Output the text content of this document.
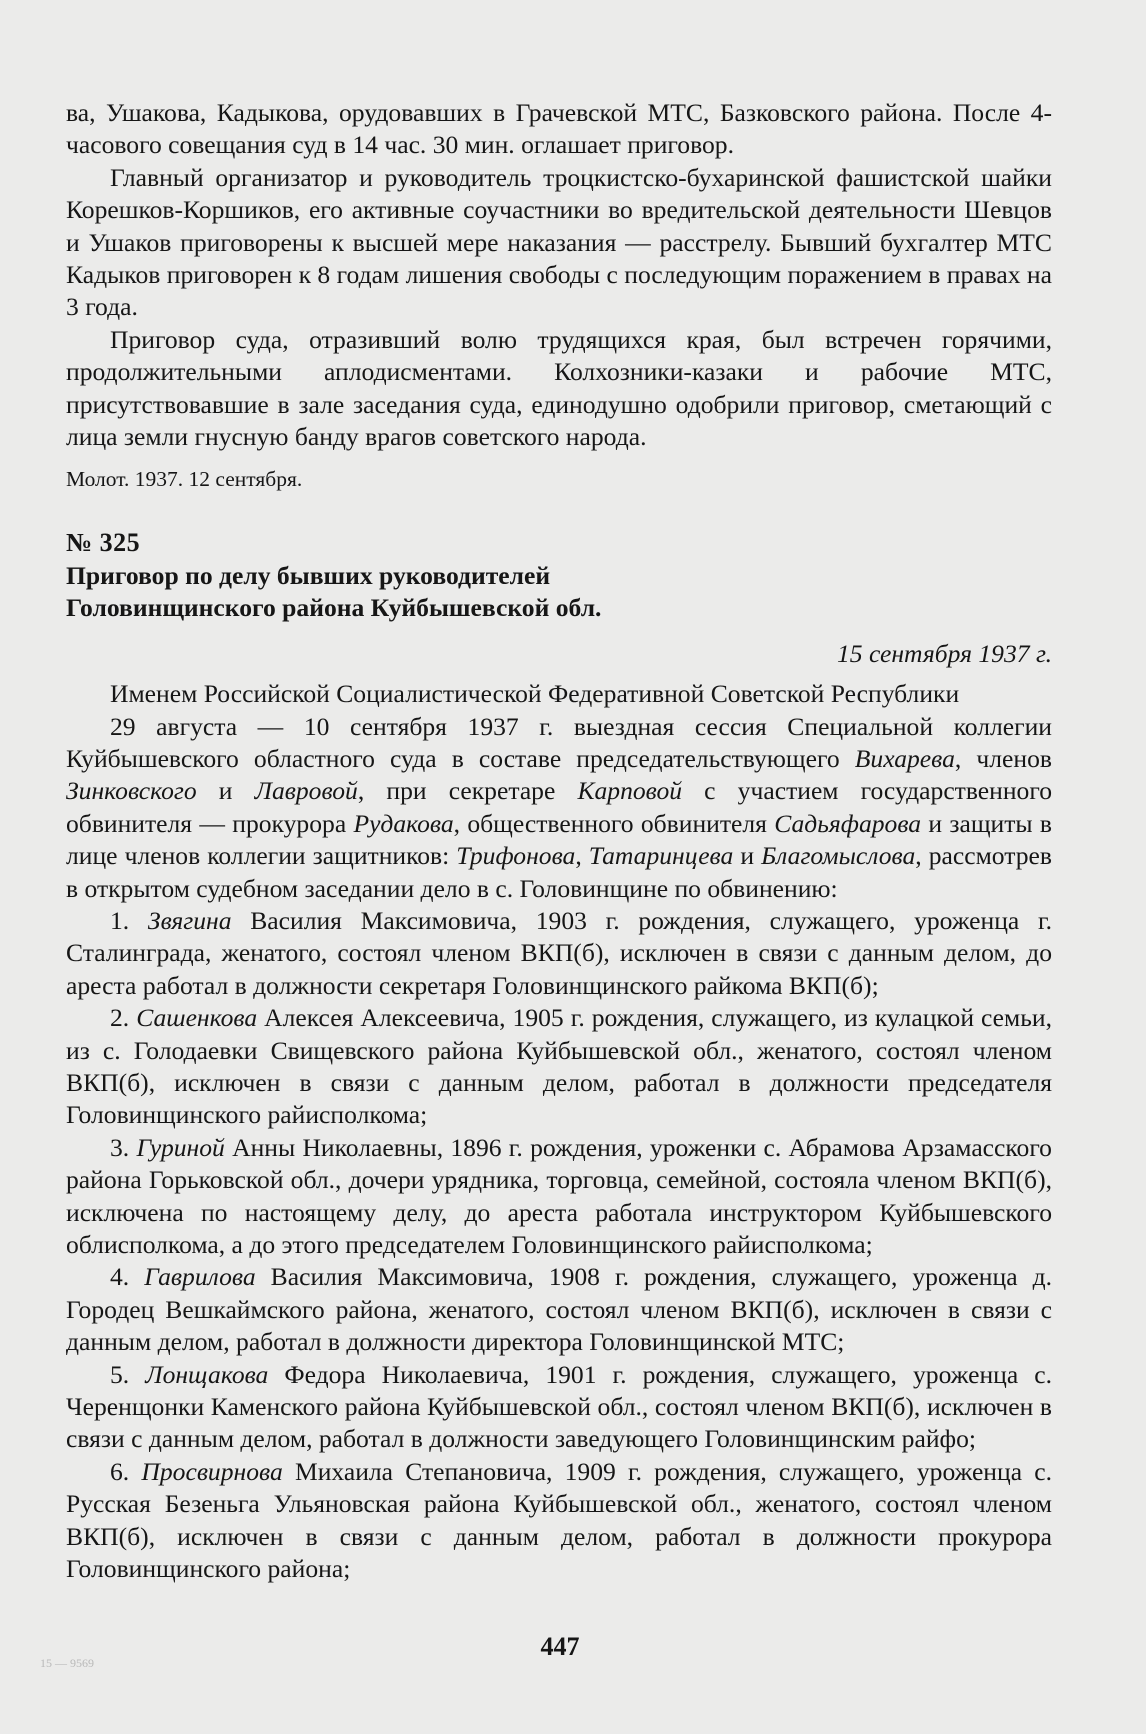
ва, Ушакова, Кадыкова, орудовавших в Грачевской МТС, Базковского района. После 4-часового совещания суд в 14 час. 30 мин. оглашает приговор.

Главный организатор и руководитель троцкистско-бухаринской фашистской шайки Корешков-Коршиков, его активные соучастники во вредительской деятельности Шевцов и Ушаков приговорены к высшей мере наказания — расстрелу. Бывший бухгалтер МТС Кадыков приговорен к 8 годам лишения свободы с последующим поражением в правах на 3 года.

Приговор суда, отразивший волю трудящихся края, был встречен горячими, продолжительными аплодисментами. Колхозники-казаки и рабочие МТС, присутствовавшие в зале заседания суда, единодушно одобрили приговор, сметающий с лица земли гнусную банду врагов советского народа.

Молот. 1937. 12 сентября.

№ 325

Приговор по делу бывших руководителей

Головинщинского района Куйбышевской обл.

15 сентября 1937 г.

Именем Российской Социалистической Федеративной Советской Республики

29 августа — 10 сентября 1937 г. выездная сессия Специальной коллегии Куйбышевского областного суда в составе председательствующего Вихарева, членов Зинковского и Лавровой, при секретаре Карповой с участием государственного обвинителя — прокурора Рудакова, общественного обвинителя Садьяфарова и защиты в лице членов коллегии защитников: Трифонова, Татаринцева и Благомыслова, рассмотрев в открытом судебном заседании дело в с. Головинщине по обвинению:

1. Звягина Василия Максимовича, 1903 г. рождения, служащего, уроженца г. Сталинграда, женатого, состоял членом ВКП(б), исключен в связи с данным делом, до ареста работал в должности секретаря Головинщинского райкома ВКП(б);

2. Сашенкова Алексея Алексеевича, 1905 г. рождения, служащего, из кулацкой семьи, из с. Голодаевки Свищевского района Куйбышевской обл., женатого, состоял членом ВКП(б), исключен в связи с данным делом, работал в должности председателя Головинщинского райисполкома;

3. Гуриной Анны Николаевны, 1896 г. рождения, уроженки с. Абрамова Арзамасского района Горьковской обл., дочери урядника, торговца, семейной, состояла членом ВКП(б), исключена по настоящему делу, до ареста работала инструктором Куйбышевского облисполкома, а до этого председателем Головинщинского райисполкома;

4. Гаврилова Василия Максимовича, 1908 г. рождения, служащего, уроженца д. Городец Вешкаймского района, женатого, состоял членом ВКП(б), исключен в связи с данным делом, работал в должности директора Головинщинской МТС;

5. Лонщакова Федора Николаевича, 1901 г. рождения, служащего, уроженца с. Черенщонки Каменского района Куйбышевской обл., состоял членом ВКП(б), исключен в связи с данным делом, работал в должности заведующего Головинщинским райфо;

6. Просвирнова Михаила Степановича, 1909 г. рождения, служащего, уроженца с. Русская Безеньга Ульяновская района Куйбышевской обл., женатого, состоял членом ВКП(б), исключен в связи с данным делом, работал в должности прокурора Головинщинского района;

15 — 9569
447
